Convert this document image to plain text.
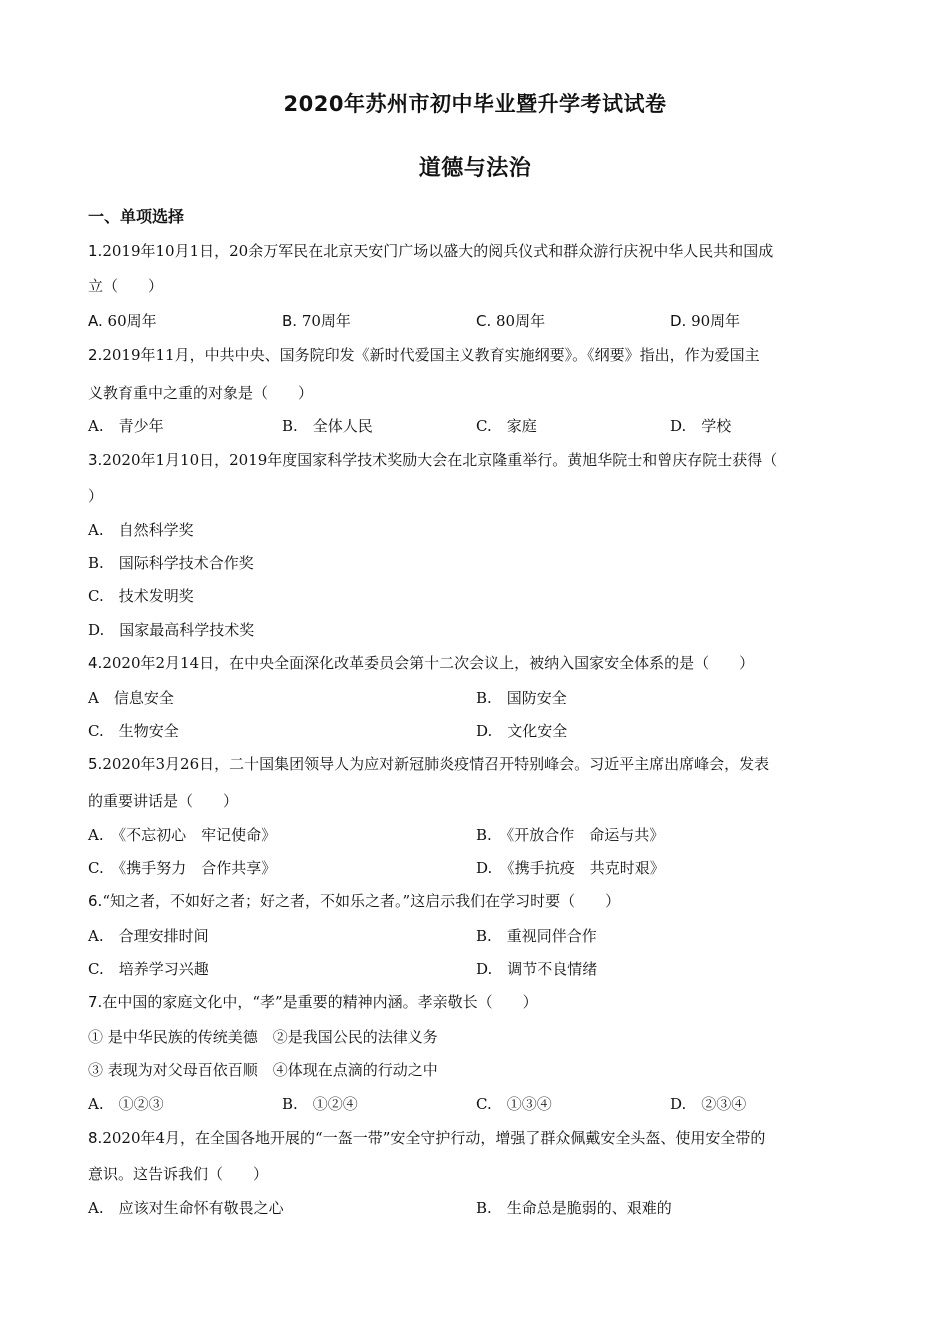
2020年苏州市初中毕业暨升学考试试卷
道德与法治
一、单项选择
1.2019年10月1日，20余万军民在北京天安门广场以盛大的阅兵仪式和群众游行庆祝中华人民共和国成
立（　　）
A. 60周年	B. 70周年	C. 80周年	D. 90周年
2.2019年11月，中共中央、国务院印发《新时代爱国主义教育实施纲要》。《纲要》指出，作为爱国主
义教育重中之重的对象是（　　）
A.　青少年	B.　全体人民	C.　家庭	D.　学校
3.2020年1月10日，2019年度国家科学技术奖励大会在北京隆重举行。黄旭华院士和曾庆存院士获得（
）
A.　自然科学奖
B.　国际科学技术合作奖
C.　技术发明奖
D.　国家最高科学技术奖
4.2020年2月14日，在中央全面深化改革委员会第十二次会议上，被纳入国家安全体系的是（　　）
A　信息安全	B.　国防安全
C.　生物安全	D.　文化安全
5.2020年3月26日，二十国集团领导人为应对新冠肺炎疫情召开特别峰会。习近平主席出席峰会，发表
的重要讲话是（　　）
A.　《不忘初心　牢记使命》	B.　《开放合作　命运与共》
C.　《携手努力　合作共享》	D.　《携手抗疫　共克时艰》
6.“知之者，不如好之者；好之者，不如乐之者。”这启示我们在学习时要（　　）
A.　合理安排时间	B.　重视同伴合作
C.　培养学习兴趣	D.　调节不良情绪
7.在中国的家庭文化中，“孝”是重要的精神内涵。孝亲敬长（　　）
① 是中华民族的传统美德　②是我国公民的法律义务
③ 表现为对父母百依百顺　④体现在点滴的行动之中
A.　①②③	B.　①②④	C.　①③④	D.　②③④
8.2020年4月，在全国各地开展的“一盔一带”安全守护行动，增强了群众佩戴安全头盔、使用安全带的
意识。这告诉我们（　　）
A.　应该对生命怀有敬畏之心	B.　生命总是脆弱的、艰难的
